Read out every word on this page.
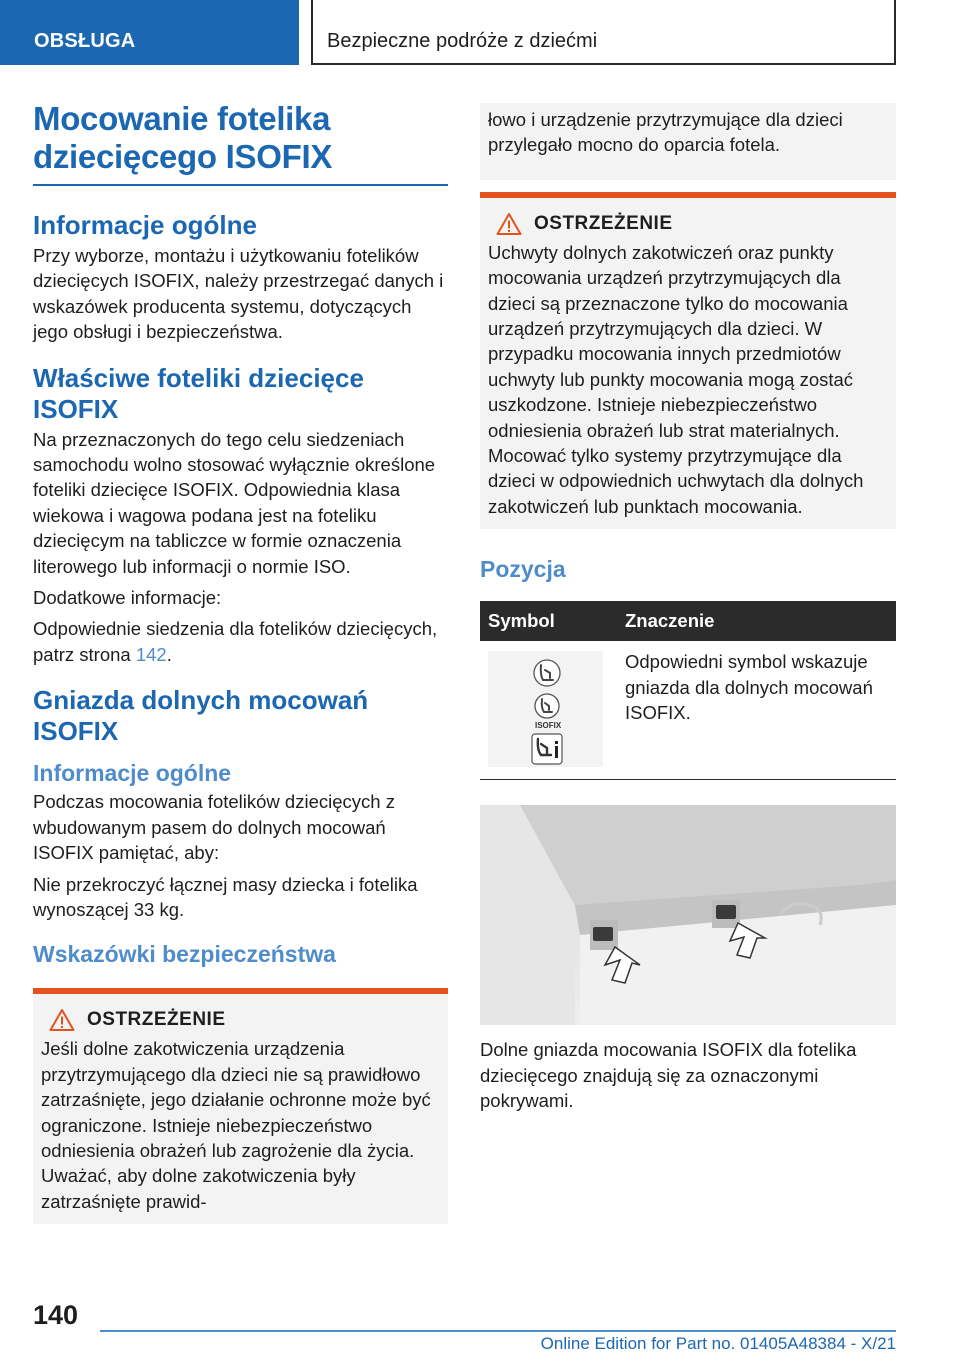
OBSŁUGA	Bezpieczne podróże z dziećmi
Mocowanie fotelika dziecięcego ISOFIX
Informacje ogólne

Przy wyborze, montażu i użytkowaniu fotelików dziecięcych ISOFIX, należy przestrzegać danych i wskazówek producenta systemu, dotyczących jego obsługi i bezpieczeństwa.

Właściwe foteliki dziecięce ISOFIX

Na przeznaczonych do tego celu siedzeniach samochodu wolno stosować wyłącznie określone foteliki dziecięce ISOFIX. Odpowiednia klasa wiekowa i wagowa podana jest na foteliku dziecięcym na tabliczce w formie oznaczenia literowego lub informacji o normie ISO.

Dodatkowe informacje:

Odpowiednie siedzenia dla fotelików dziecięcych, patrz strona 142.

Gniazda dolnych mocowań ISOFIX
Informacje ogólne

Podczas mocowania fotelików dziecięcych z wbudowanym pasem do dolnych mocowań ISOFIX pamiętać, aby:

Nie przekroczyć łącznej masy dziecka i fotelika wynoszącej 33 kg.

Wskazówki bezpieczeństwa
OSTRZEŻENIE

Jeśli dolne zakotwiczenia urządzenia przytrzymującego dla dzieci nie są prawidłowo zatrzaśnięte, jego działanie ochronne może być ograniczone. Istnieje niebezpieczeństwo odniesienia obrażeń lub zagrożenie dla życia. Uważać, aby dolne zakotwiczenia były zatrzaśnięte prawid-

łowo i urządzenie przytrzymujące dla dzieci przylegało mocno do oparcia fotela.

OSTRZEŻENIE

Uchwyty dolnych zakotwiczeń oraz punkty mocowania urządzeń przytrzymujących dla dzieci są przeznaczone tylko do mocowania urządzeń przytrzymujących dla dzieci. W przypadku mocowania innych przedmiotów uchwyty lub punkty mocowania mogą zostać uszkodzone. Istnieje niebezpieczeństwo odniesienia obrażeń lub strat materialnych. Mocować tylko systemy przytrzymujące dla dzieci w odpowiednich uchwytach dla dolnych zakotwiczeń lub punktach mocowania.

Pozycja
Symbol	Znaczenie

ISOFIX	Odpowiedni symbol wskazuje gniazda dla dolnych mocowań ISOFIX.

Dolne gniazda mocowania ISOFIX dla fotelika dziecięcego znajdują się za oznaczonymi pokrywami.

140
Online Edition for Part no. 01405A48384 - X/21
